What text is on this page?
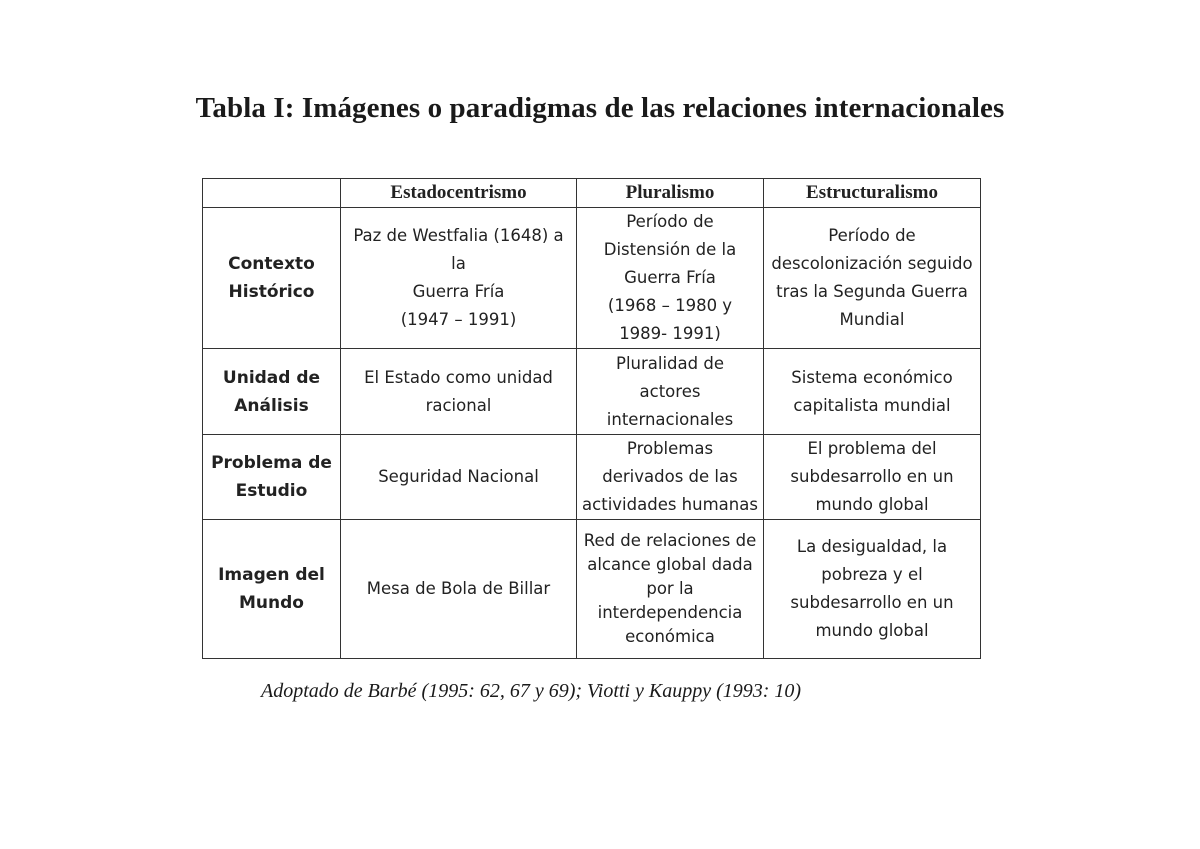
Tabla I: Imágenes o paradigmas de las relaciones internacionales
	Estadocentrismo	Pluralismo	Estructuralismo

Contexto
Histórico	Paz de Westfalia (1648) a
la
Guerra Fría
(1947 – 1991)	Período de
Distensión de la
Guerra Fría
(1968 – 1980 y
1989- 1991)	Período de
descolonización seguido
tras la Segunda Guerra
Mundial

Unidad de
Análisis	El Estado como unidad
racional	Pluralidad de
actores
internacionales	Sistema económico
capitalista mundial

Problema de
Estudio	Seguridad Nacional	Problemas
derivados de las
actividades humanas	El problema del
subdesarrollo en un
mundo global

Imagen del
Mundo	Mesa de Bola de Billar	Red de relaciones de
alcance global dada
por la
interdependencia
económica	La desigualdad, la
pobreza y el
subdesarrollo en un
mundo global
Adoptado de Barbé (1995: 62, 67 y 69); Viotti y Kauppy (1993: 10)
